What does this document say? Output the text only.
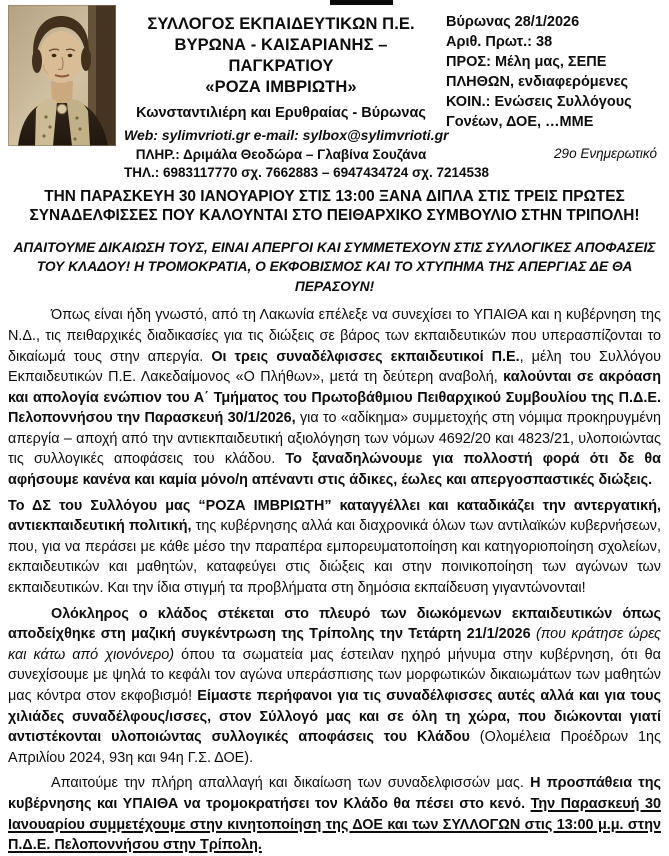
ΣΥΛΛΟΓΟΣ ΕΚΠΑΙΔΕΥΤΙΚΩΝ Π.Ε.
ΒΥΡΩΝΑ - ΚΑΙΣΑΡΙΑΝΗΣ – ΠΑΓΚΡΑΤΙΟΥ
«ΡΟΖΑ ΙΜΒΡΙΩΤΗ»
Κωνσταντιλιέρη και Ερυθραίας - Βύρωνας
Web: sylimvrioti.gr e-mail: sylbox@sylimvrioti.gr
ΠΛΗΡ.: Δριμάλα Θεοδώρα – Γλαβίνα Σουζάνα
ΤΗΛ.: 6983117770 σχ. 7662883 – 6947434724 σχ. 7214538
Βύρωνας 28/1/2026
Αριθ. Πρωτ.: 38
ΠΡΟΣ: Μέλη μας, ΣΕΠΕ
ΠΛΗΘΩΝ, ενδιαφερόμενες
ΚΟΙΝ.: Ενώσεις Συλλόγους
Γονέων, ΔΟΕ, …ΜΜΕ
29ο Ενημερωτικό
ΤΗΝ ΠΑΡΑΣΚΕΥΗ 30 ΙΑΝΟΥΑΡΙΟΥ ΣΤΙΣ 13:00 ΞΑΝΑ ΔΙΠΛΑ ΣΤΙΣ ΤΡΕΙΣ ΠΡΩΤΕΣ ΣΥΝΑΔΕΛΦΙΣΣΕΣ ΠΟΥ ΚΑΛΟΥΝΤΑΙ ΣΤΟ ΠΕΙΘΑΡΧΙΚΟ ΣΥΜΒΟΥΛΙΟ ΣΤΗΝ ΤΡΙΠΟΛΗ!
ΑΠΑΙΤΟΥΜΕ ΔΙΚΑΙΩΣΗ ΤΟΥΣ, ΕΙΝΑΙ ΑΠΕΡΓΟΙ ΚΑΙ ΣΥΜΜΕΤΕΧΟΥΝ ΣΤΙΣ ΣΥΛΛΟΓΙΚΕΣ ΑΠΟΦΑΣΕΙΣ ΤΟΥ ΚΛΑΔΟΥ! Η ΤΡΟΜΟΚΡΑΤΙΑ, Ο ΕΚΦΟΒΙΣΜΟΣ ΚΑΙ ΤΟ ΧΤΥΠΗΜΑ ΤΗΣ ΑΠΕΡΓΙΑΣ ΔΕ ΘΑ ΠΕΡΑΣΟΥΝ!

Όπως είναι ήδη γνωστό, από τη Λακωνία επέλεξε να συνεχίσει το ΥΠΑΙΘΑ και η κυβέρνηση της Ν.Δ., τις πειθαρχικές διαδικασίες για τις διώξεις σε βάρος των εκπαιδευτικών που υπερασπίζονται το δικαίωμά τους στην απεργία. Οι τρεις συναδέλφισσες εκπαιδευτικοί Π.Ε., μέλη του Συλλόγου Εκπαιδευτικών Π.Ε. Λακεδαίμονος «Ο Πλήθων», μετά τη δεύτερη αναβολή, καλούνται σε ακρόαση και απολογία ενώπιον του Α΄ Τμήματος του Πρωτοβάθμιου Πειθαρχικού Συμβουλίου της Π.Δ.Ε. Πελοποννήσου την Παρασκευή 30/1/2026, για το «αδίκημα» συμμετοχής στη νόμιμα προκηρυγμένη απεργία – αποχή από την αντιεκπαιδευτική αξιολόγηση των νόμων 4692/20 και 4823/21, υλοποιώντας τις συλλογικές αποφάσεις του κλάδου. Το ξαναδηλώνουμε για πολλοστή φορά ότι δε θα αφήσουμε κανένα και καμία μόνο/η απέναντι στις άδικες, έωλες και απεργοσπαστικές διώξεις.

Το ΔΣ του Συλλόγου μας “ΡΟΖΑ ΙΜΒΡΙΩΤΗ” καταγγέλλει και καταδικάζει την αντεργατική, αντιεκπαιδευτική πολιτική, της κυβέρνησης αλλά και διαχρονικά όλων των αντιλαϊκών κυβερνήσεων, που, για να περάσει με κάθε μέσο την παραπέρα εμπορευματοποίηση και κατηγοριοποίηση σχολείων, εκπαιδευτικών και μαθητών, καταφεύγει στις διώξεις και στην ποινικοποίηση των αγώνων των εκπαιδευτικών. Και την ίδια στιγμή τα προβλήματα στη δημόσια εκπαίδευση γιγαντώνονται!

Ολόκληρος ο κλάδος στέκεται στο πλευρό των διωκόμενων εκπαιδευτικών όπως αποδείχθηκε στη μαζική συγκέντρωση της Τρίπολης την Τετάρτη 21/1/2026 (που κράτησε ώρες και κάτω από χιονόνερο) όπου τα σωματεία μας έστειλαν ηχηρό μήνυμα στην κυβέρνηση, ότι θα συνεχίσουμε με ψηλά το κεφάλι τον αγώνα υπεράσπισης των μορφωτικών δικαιωμάτων των μαθητών μας κόντρα στον εκφοβισμό! Είμαστε περήφανοι για τις συναδέλφισσες αυτές αλλά και για τους χιλιάδες συναδέλφους/ισσες, στον Σύλλογό μας και σε όλη τη χώρα, που διώκονται γιατί αντιστέκονται υλοποιώντας συλλογικές αποφάσεις του Κλάδου (Ολομέλεια Προέδρων 1ης Απριλίου 2024, 93η και 94η Γ.Σ. ΔΟΕ).

Απαιτούμε την πλήρη απαλλαγή και δικαίωση των συναδελφισσών μας. Η προσπάθεια της κυβέρνησης και ΥΠΑΙΘΑ να τρομοκρατήσει τον Κλάδο θα πέσει στο κενό. Την Παρασκευή 30 Ιανουαρίου συμμετέχουμε στην κινητοποίηση της ΔΟΕ και των ΣΥΛΛΟΓΩΝ στις 13:00 μ.μ. στην Π.Δ.Ε. Πελοποννήσου στην Τρίπολη.
